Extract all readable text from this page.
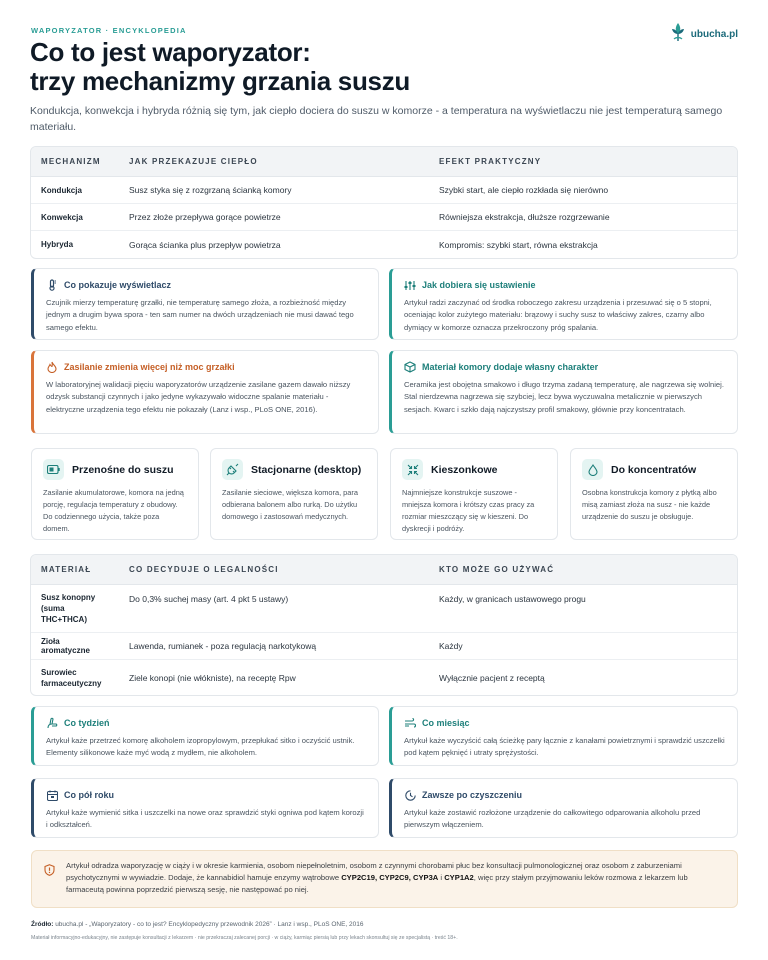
WAPORYZATOR · ENCYKLOPEDIA	ubucha.pl
Co to jest waporyzator:
trzy mechanizmy grzania suszu
Kondukcja, konwekcja i hybryda różnią się tym, jak ciepło dociera do suszu w komorze - a temperatura na wyświetlaczu nie jest temperaturą samego materiału.
MECHANIZM	JAK PRZEKAZUJE CIEPŁO	EFEKT PRAKTYCZNY
Kondukcja	Susz styka się z rozgrzaną ścianką komory	Szybki start, ale ciepło rozkłada się nierówno
Konwekcja	Przez złoże przepływa gorące powietrze	Równiejsza ekstrakcja, dłuższe rozgrzewanie
Hybryda	Gorąca ścianka plus przepływ powietrza	Kompromis: szybki start, równa ekstrakcja
Co pokazuje wyświetlacz
Czujnik mierzy temperaturę grzałki, nie temperaturę samego złoża, a rozbieżność między jednym a drugim bywa spora - ten sam numer na dwóch urządzeniach nie musi dawać tego samego efektu.
Jak dobiera się ustawienie
Artykuł radzi zaczynać od środka roboczego zakresu urządzenia i przesuwać się o 5 stopni, oceniając kolor zużytego materiału: brązowy i suchy susz to właściwy zakres, czarny albo dymiący w komorze oznacza przekroczony próg spalania.
Zasilanie zmienia więcej niż moc grzałki
W laboratoryjnej walidacji pięciu waporyzatorów urządzenie zasilane gazem dawało niższy odzysk substancji czynnych i jako jedyne wykazywało widoczne spalanie materiału - elektryczne urządzenia tego efektu nie pokazały (Lanz i wsp., PLoS ONE, 2016).
Materiał komory dodaje własny charakter
Ceramika jest obojętna smakowo i długo trzyma zadaną temperaturę, ale nagrzewa się wolniej. Stal nierdzewna nagrzewa się szybciej, lecz bywa wyczuwalna metalicznie w pierwszych sesjach. Kwarc i szkło dają najczystszy profil smakowy, głównie przy koncentratach.
Przenośne do suszu
Zasilanie akumulatorowe, komora na jedną porcję, regulacja temperatury z obudowy. Do codziennego użycia, także poza domem.
Stacjonarne (desktop)
Zasilanie sieciowe, większa komora, para odbierana balonem albo rurką. Do użytku domowego i zastosowań medycznych.
Kieszonkowe
Najmniejsze konstrukcje suszowe - mniejsza komora i krótszy czas pracy za rozmiar mieszczący się w kieszeni. Do dyskrecji i podróży.
Do koncentratów
Osobna konstrukcja komory z płytką albo misą zamiast złoża na susz - nie każde urządzenie do suszu je obsługuje.
MATERIAŁ	CO DECYDUJE O LEGALNOŚCI	KTO MOŻE GO UŻYWAĆ
Susz konopny (suma THC+THCA)	Do 0,3% suchej masy (art. 4 pkt 5 ustawy)	Każdy, w granicach ustawowego progu
Zioła aromatyczne	Lawenda, rumianek - poza regulacją narkotykową	Każdy
Surowiec farmaceutyczny	Ziele konopi (nie włókniste), na receptę Rpw	Wyłącznie pacjent z receptą
Co tydzień
Artykuł każe przetrzeć komorę alkoholem izopropylowym, przepłukać sitko i oczyścić ustnik. Elementy silikonowe każe myć wodą z mydłem, nie alkoholem.
Co miesiąc
Artykuł każe wyczyścić całą ścieżkę pary łącznie z kanałami powietrznymi i sprawdzić uszczelki pod kątem pęknięć i utraty sprężystości.
Co pół roku
Artykuł każe wymienić sitka i uszczelki na nowe oraz sprawdzić styki ogniwa pod kątem korozji i odkształceń.
Zawsze po czyszczeniu
Artykuł każe zostawić rozłożone urządzenie do całkowitego odparowania alkoholu przed pierwszym włączeniem.
Artykuł odradza waporyzację w ciąży i w okresie karmienia, osobom niepełnoletnim, osobom z czynnymi chorobami płuc bez konsultacji pulmonologicznej oraz osobom z zaburzeniami psychotycznymi w wywiadzie. Dodaje, że kannabidiol hamuje enzymy wątrobowe CYP2C19, CYP2C9, CYP3A i CYP1A2, więc przy stałym przyjmowaniu leków rozmowa z lekarzem lub farmaceutą powinna poprzedzić pierwszą sesję, nie następować po niej.
Źródło: ubucha.pl - „Waporyzatory - co to jest? Encyklopedyczny przewodnik 2026” · Lanz i wsp., PLoS ONE, 2016
Materiał informacyjno-edukacyjny, nie zastępuje konsultacji z lekarzem · nie przekraczaj zalecanej porcji · w ciąży, karmiąc piersią lub przy lekach skonsultuj się ze specjalistą · treść 18+.
